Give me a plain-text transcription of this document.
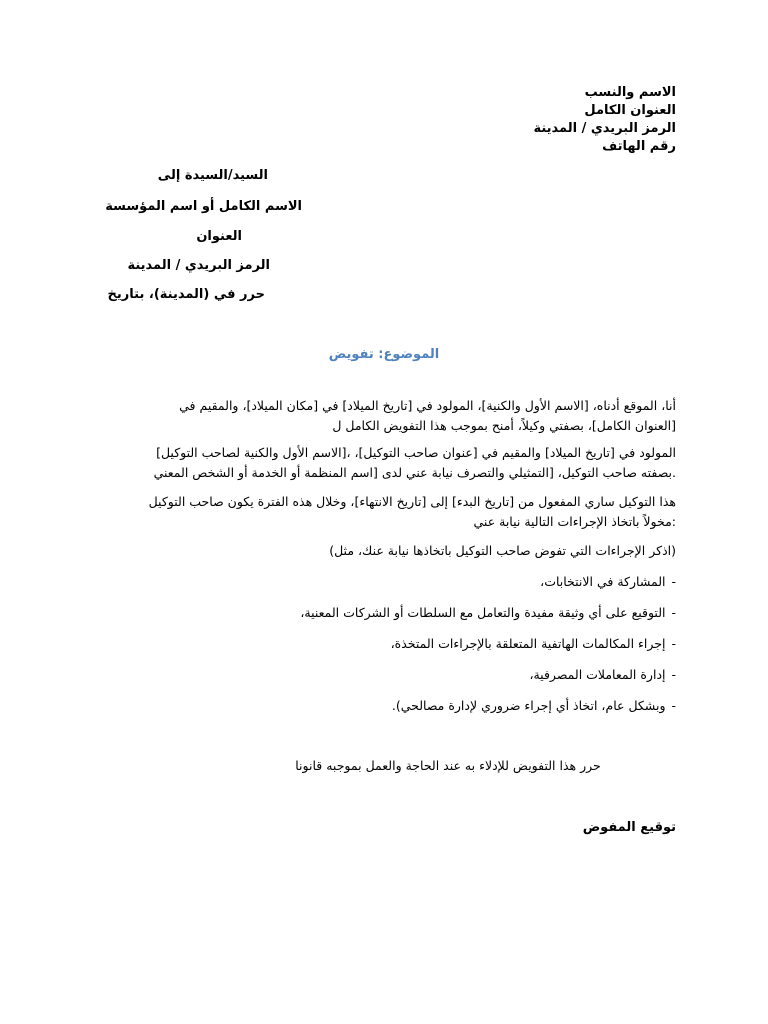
الاسم والنسب
العنوان الكامل
الرمز البريدي / المدينة
رقم الهاتف
السيد/السيدة إلى
الاسم الكامل أو اسم المؤسسة
العنوان
الرمز البريدي / المدينة
حرر في (المدينة)، بتاريخ
الموضوع: تفويض
أنا، الموقع أدناه، [الاسم الأول والكنية]، المولود في [تاريخ الميلاد] في [مكان الميلاد]، والمقيم في
[العنوان الكامل]، بصفتي وكيلاً، أمنح بموجب هذا التفويض الكامل ل
المولود في [تاريخ الميلاد] والمقيم في [عنوان صاحب التوكيل]، ،[الاسم الأول والكنية لصاحب التوكيل]
.بصفته صاحب التوكيل، [التمثيلي والتصرف نيابة عني لدى [اسم المنظمة أو الخدمة أو الشخص المعني
هذا التوكيل ساري المفعول من [تاريخ البدء] إلى [تاريخ الانتهاء]، وخلال هذه الفترة يكون صاحب التوكيل
:مخولاً باتخاذ الإجراءات التالية نيابة عني
(اذكر الإجراءات التي تفوض صاحب التوكيل باتخاذها نيابة عنك، مثل)
-المشاركة في الانتخابات،
-التوقيع على أي وثيقة مفيدة والتعامل مع السلطات أو الشركات المعنية،
-إجراء المكالمات الهاتفية المتعلقة بالإجراءات المتخذة،
-إدارة المعاملات المصرفية،
-وبشكل عام، اتخاذ أي إجراء ضروري لإدارة مصالحي).
حرر هذا التفويض للإدلاء به عند الحاجة والعمل بموجبه قانونا
توقيع المفوض
